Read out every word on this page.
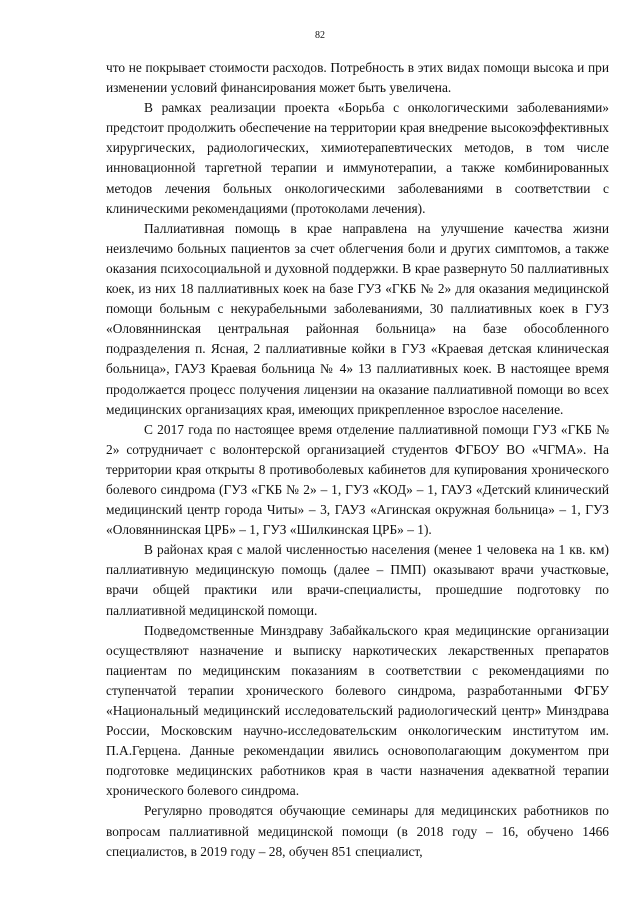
82

что не покрывает стоимости расходов. Потребность в этих видах помощи высока и при изменении условий финансирования может быть увеличена.

В рамках реализации проекта «Борьба с онкологическими заболеваниями» предстоит продолжить обеспечение на территории края внедрение высокоэффективных хирургических, радиологических, химиотерапевтических методов, в том числе инновационной таргетной терапии и иммунотерапии, а также комбинированных методов лечения больных онкологическими заболеваниями в соответствии с клиническими рекомендациями (протоколами лечения).

Паллиативная помощь в крае направлена на улучшение качества жизни неизлечимо больных пациентов за счет облегчения боли и других симптомов, а также оказания психосоциальной и духовной поддержки. В крае развернуто 50 паллиативных коек, из них 18 паллиативных коек на базе ГУЗ «ГКБ № 2» для оказания медицинской помощи больным с некурабельными заболеваниями, 30 паллиативных коек в ГУЗ «Оловяннинская центральная районная больница» на базе обособленного подразделения п. Ясная, 2 паллиативные койки в ГУЗ «Краевая детская клиническая больница», ГАУЗ Краевая больница № 4» 13 паллиативных коек. В настоящее время продолжается процесс получения лицензии на оказание паллиативной помощи во всех медицинских организациях края, имеющих прикрепленное взрослое население.

С 2017 года по настоящее время отделение паллиативной помощи ГУЗ «ГКБ № 2» сотрудничает с волонтерской организацией студентов ФГБОУ ВО «ЧГМА». На территории края открыты 8 противоболевых кабинетов для купирования хронического болевого синдрома (ГУЗ «ГКБ № 2» – 1, ГУЗ «КОД» – 1, ГАУЗ «Детский клинический медицинский центр города Читы» – 3, ГАУЗ «Агинская окружная больница» – 1, ГУЗ «Оловяннинская ЦРБ» – 1, ГУЗ «Шилкинская ЦРБ» – 1).

В районах края с малой численностью населения (менее 1 человека на 1 кв. км) паллиативную медицинскую помощь (далее – ПМП) оказывают врачи участковые, врачи общей практики или врачи-специалисты, прошедшие подготовку по паллиативной медицинской помощи.

Подведомственные Минздраву Забайкальского края медицинские организации осуществляют назначение и выписку наркотических лекарственных препаратов пациентам по медицинским показаниям в соответствии с рекомендациями по ступенчатой терапии хронического болевого синдрома, разработанными ФГБУ «Национальный медицинский исследовательский радиологический центр» Минздрава России, Московским научно-исследовательским онкологическим институтом им. П.А.Герцена. Данные рекомендации явились основополагающим документом при подготовке медицинских работников края в части назначения адекватной терапии хронического болевого синдрома.

Регулярно проводятся обучающие семинары для медицинских работников по вопросам паллиативной медицинской помощи (в 2018 году – 16, обучено 1466 специалистов, в 2019 году – 28, обучен 851 специалист,
